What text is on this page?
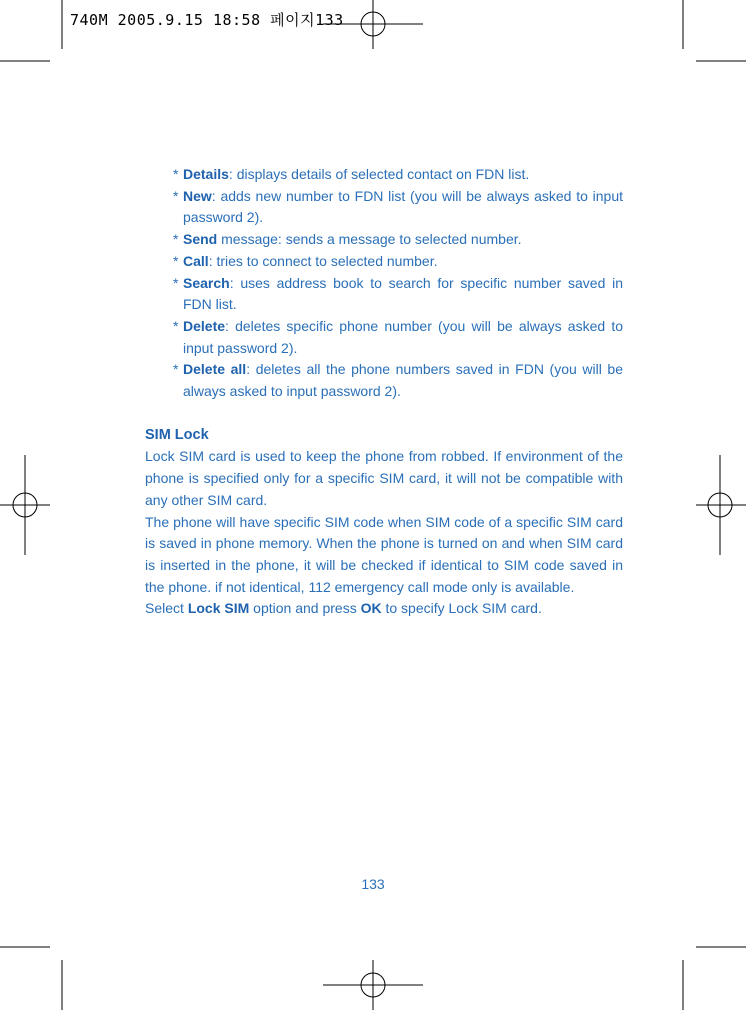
740M 2005.9.15 18:58 페이지133
* Details: displays details of selected contact on FDN list.
* New: adds new number to FDN list (you will be always asked to input password 2).
* Send message: sends a message to selected number.
* Call: tries to connect to selected number.
* Search: uses address book to search for specific number saved in FDN list.
* Delete: deletes specific phone number (you will be always asked to input password 2).
* Delete all: deletes all the phone numbers saved in FDN (you will be always asked to input password 2).
SIM Lock

Lock SIM card is used to keep the phone from robbed. If environment of the phone is specified only for a specific SIM card, it will not be compatible with any other SIM card.

The phone will have specific SIM code when SIM code of a specific SIM card is saved in phone memory. When the phone is turned on and when SIM card is inserted in the phone, it will be checked if identical to SIM code saved in the phone. if not identical, 112 emergency call mode only is available.
Select Lock SIM option and press OK to specify Lock SIM card.

133
